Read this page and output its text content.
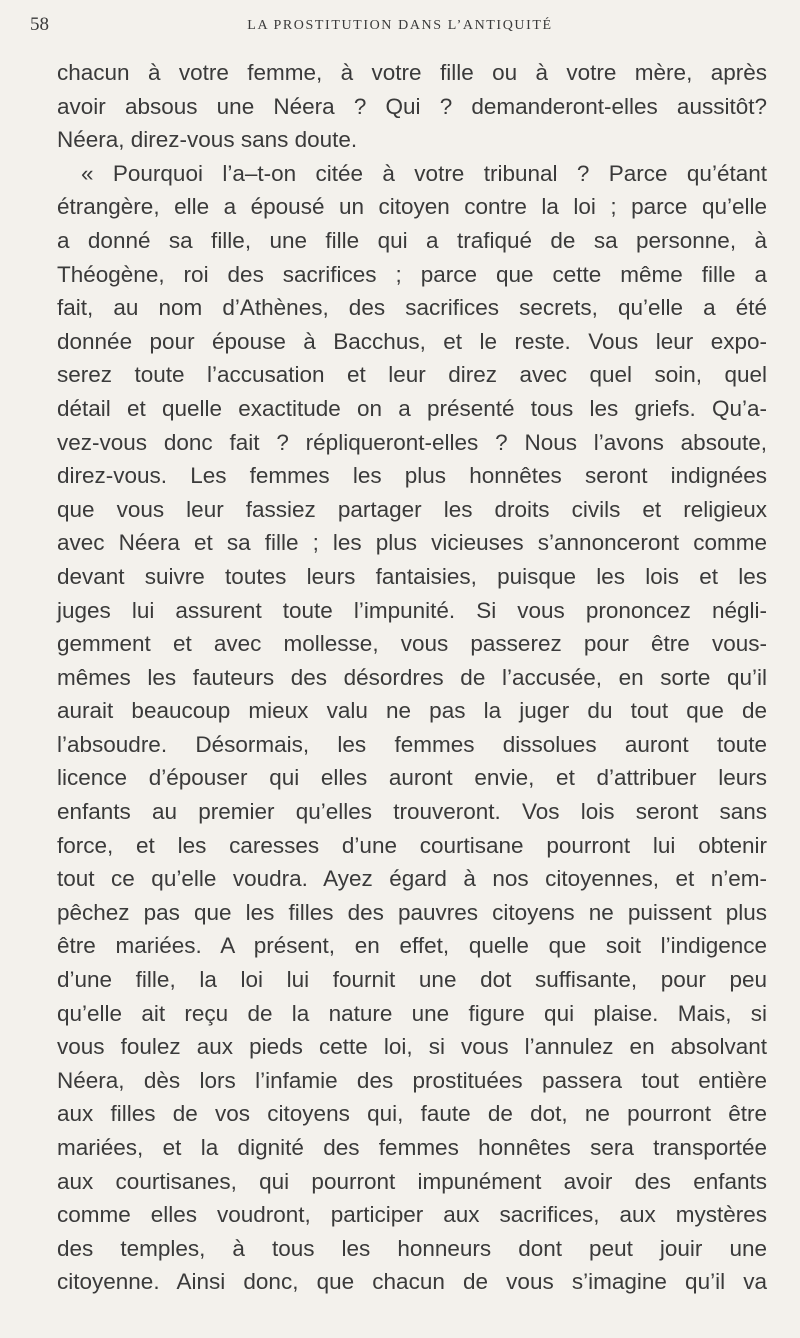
58	LA PROSTITUTION DANS L’ANTIQUITÉ
chacun à votre femme, à votre fille ou à votre mère, après
avoir absous une Néera ? Qui ? demanderont-elles aussitôt?
Néera, direz-vous sans doute.
« Pourquoi l’a–t-on citée à votre tribunal ? Parce qu’étant
étrangère, elle a épousé un citoyen contre la loi ; parce qu’elle
a donné sa fille, une fille qui a trafiqué de sa personne, à
Théogène, roi des sacrifices ; parce que cette même fille a
fait, au nom d’Athènes, des sacrifices secrets, qu’elle a été
donnée pour épouse à Bacchus, et le reste. Vous leur expo-
serez toute l’accusation et leur direz avec quel soin, quel
détail et quelle exactitude on a présenté tous les griefs. Qu’a-
vez-vous donc fait ? répliqueront-elles ? Nous l’avons absoute,
direz-vous. Les femmes les plus honnêtes seront indignées
que vous leur fassiez partager les droits civils et religieux
avec Néera et sa fille ; les plus vicieuses s’annonceront comme
devant suivre toutes leurs fantaisies, puisque les lois et les
juges lui assurent toute l’impunité. Si vous prononcez négli-
gemment et avec mollesse, vous passerez pour être vous-
mêmes les fauteurs des désordres de l’accusée, en sorte qu’il
aurait beaucoup mieux valu ne pas la juger du tout que de
l’absoudre. Désormais, les femmes dissolues auront toute
licence d’épouser qui elles auront envie, et d’attribuer leurs
enfants au premier qu’elles trouveront. Vos lois seront sans
force, et les caresses d’une courtisane pourront lui obtenir
tout ce qu’elle voudra. Ayez égard à nos citoyennes, et n’em-
pêchez pas que les filles des pauvres citoyens ne puissent plus
être mariées. A présent, en effet, quelle que soit l’indigence
d’une fille, la loi lui fournit une dot suffisante, pour peu
qu’elle ait reçu de la nature une figure qui plaise. Mais, si
vous foulez aux pieds cette loi, si vous l’annulez en absolvant
Néera, dès lors l’infamie des prostituées passera tout entière
aux filles de vos citoyens qui, faute de dot, ne pourront être
mariées, et la dignité des femmes honnêtes sera transportée
aux courtisanes, qui pourront impunément avoir des enfants
comme elles voudront, participer aux sacrifices, aux mystères
des temples, à tous les honneurs dont peut jouir une
citoyenne. Ainsi donc, que chacun de vous s’imagine qu’il va
